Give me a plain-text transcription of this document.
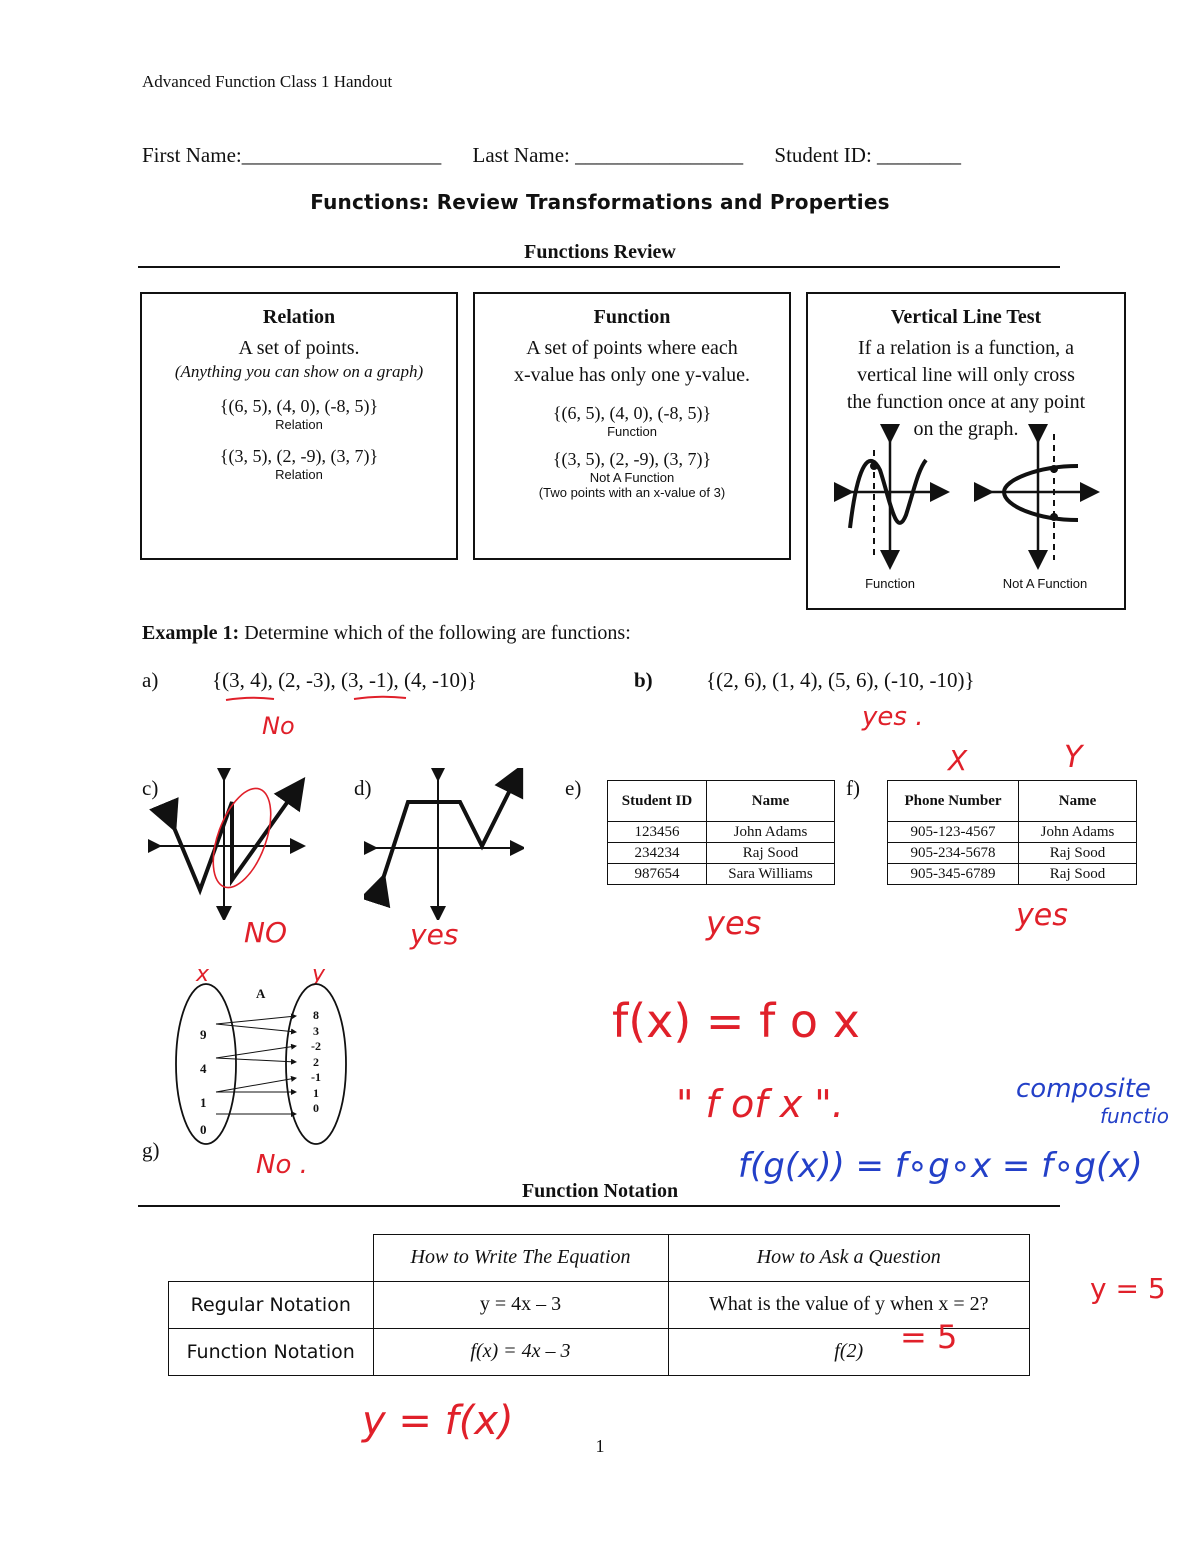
Advanced Function Class 1 Handout
First Name:___________________ Last Name: ________________ Student ID: ________
Functions: Review Transformations and Properties
Functions Review
Relation
A set of points.
(Anything you can show on a graph)
{(6, 5), (4, 0), (-8, 5)}
Relation
{(3, 5), (2, -9), (3, 7)}
Relation
Function
A set of points where each
x-value has only one y-value.
{(6, 5), (4, 0), (-8, 5)}
Function
{(3, 5), (2, -9), (3, 7)}
Not A Function
(Two points with an x-value of 3)
Vertical Line Test
If a relation is a function, a
vertical line will only cross
the function once at any point
on the graph.
Function	Not A Function
Example 1: Determine which of the following are functions:
a)	{(3, 4), (2, -3), (3, -1), (4, -10)}	b)	{(2, 6), (1, 4), (5, 6), (-10, -10)}
No	yes .
c)	d)	e)	f)
Student ID	Name
123456	John Adams
234234	Raj Sood
987654	Sara Williams
Phone Number	Name
905-123-4567	John Adams
905-234-5678	Raj Sood
905-345-6789	Raj Sood
X	Y
NO	yes	yes	yes
x	y
A
9
4
1
0
8
3
-2
2
-1
1
0
g)	No .
f(x) = f o x
" f of x ".	composite
functio
f(g(x)) = f∘g∘x = f∘g(x)
Function Notation
	How to Write The Equation	How to Ask a Question
Regular Notation	y = 4x – 3	What is the value of y when x = 2?
Function Notation	f(x) = 4x – 3	f(2) = 5
y = 5
y = f(x)
1
